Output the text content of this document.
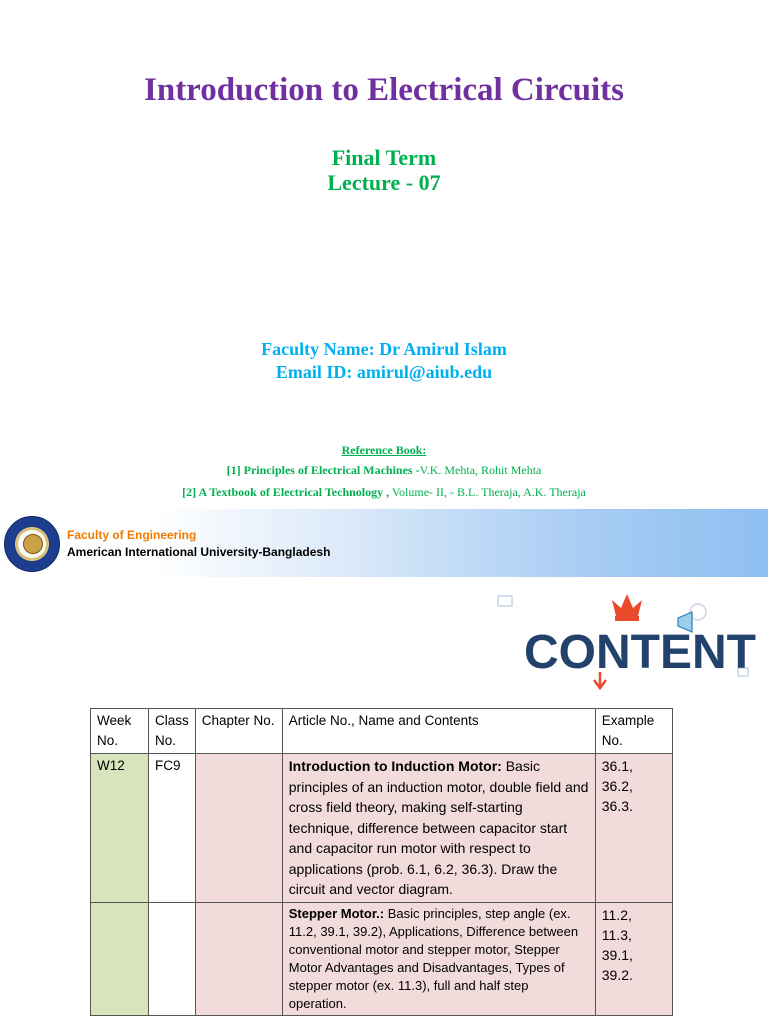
Introduction to Electrical Circuits
Final Term
Lecture - 07
Faculty Name: Dr Amirul Islam
Email ID: amirul@aiub.edu
Reference Book:
[1] Principles of Electrical Machines -V.K. Mehta, Rohit Mehta
[2] A Textbook of Electrical Technology , Volume- II, - B.L. Theraja, A.K. Theraja
Faculty of Engineering
American International University-Bangladesh
CONTENT
Week No.	Class No.	Chapter No.	Article No., Name and Contents	Example No.
W12	FC9		Introduction to Induction Motor: Basic principles of an induction motor, double field and cross field theory, making self-starting technique, difference between capacitor start and capacitor run motor with respect to applications (prob. 6.1, 6.2, 36.3). Draw the circuit and vector diagram.	36.1, 36.2, 36.3.
			Stepper Motor.: Basic principles, step angle (ex. 11.2, 39.1, 39.2), Applications, Difference between conventional motor and stepper motor, Stepper Motor Advantages and Disadvantages, Types of stepper motor (ex. 11.3), full and half step operation.	11.2, 11.3, 39.1, 39.2.
